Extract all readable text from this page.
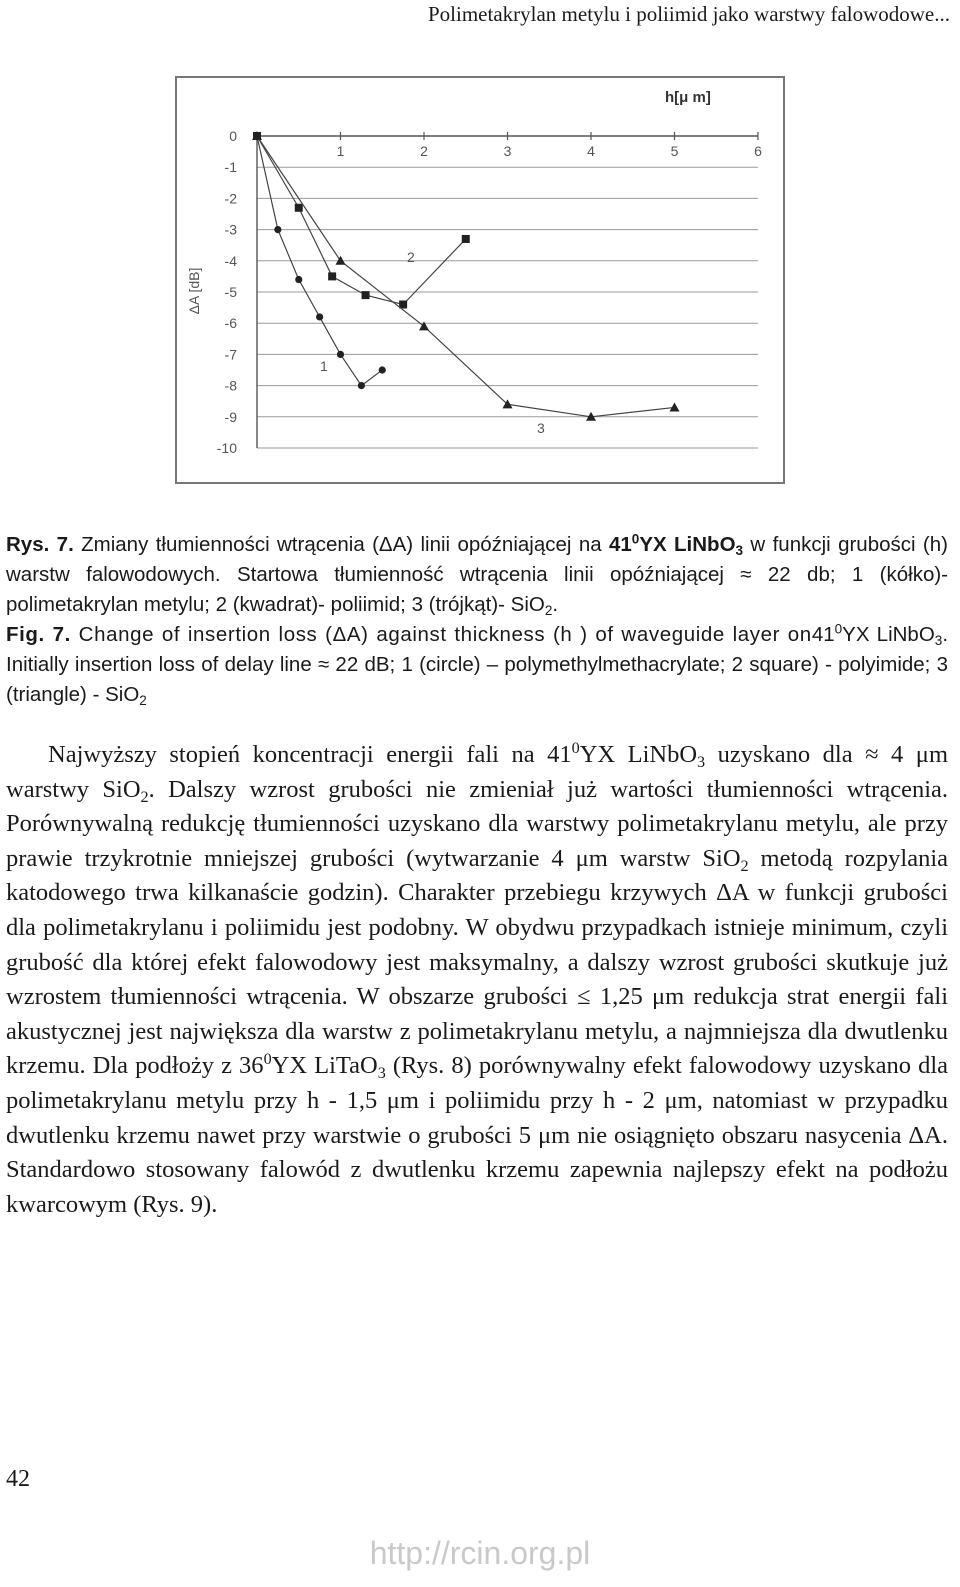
Polimetakrylan metylu i poliimid jako warstwy falowodowe...
h[μ m]
ΔA [dB]
0
-1
-2
-3
-4
-5
-6
-7
-8
-9
-10
1	2	3	4	5	6
2
1
3
Rys. 7. Zmiany tłumienności wtrącenia (ΔA) linii opóźniającej na $41^0YX$ LiNbO$_3$ w funkcji grubości (h) warstw falowodowych. Startowa tłumienność wtrącenia linii opóźniającej ≈ 22 db; 1 (kółko)- polimetakrylan metylu; 2 (kwadrat)- poliimid; 3 (trójkąt)- SiO$_2$.
Fig. 7. Change of insertion loss (ΔA) against thickness (h ) of waveguide layer $on41^0YX$ LiNbO$_3$. Initially insertion loss of delay line ≈ 22 dB; 1 (circle) – polymethylmethacrylate; 2 square) - polyimide; 3 (triangle) - SiO$_2$

Najwyższy stopień koncentracji energii fali na $41^0YX$ LiNbO$_3$ uzyskano dla ≈ 4 μm warstwy SiO$_2$. Dalszy wzrost grubości nie zmieniał już wartości tłumienności wtrącenia. Porównywalną redukcję tłumienności uzyskano dla warstwy polimetakrylanu metylu, ale przy prawie trzykrotnie mniejszej grubości (wytwarzanie 4 μm warstw SiO$_2$ metodą rozpylania katodowego trwa kilkanaście godzin). Charakter przebiegu krzywych ΔA w funkcji grubości dla polimetakrylanu i poliimidu jest podobny. W obydwu przypadkach istnieje minimum, czyli grubość dla której efekt falowodowy jest maksymalny, a dalszy wzrost grubości skutkuje już wzrostem tłumienności wtrącenia. W obszarze grubości ≤ 1,25 μm redukcja strat energii fali akustycznej jest największa dla warstw z polimetakrylanu metylu, a najmniejsza dla dwutlenku krzemu. Dla podłoży z $36^0YX$ LiTaO$_3$ (Rys. 8) porównywalny efekt falowodowy uzyskano dla polimetakrylanu metylu przy h - 1,5 μm i poliimidu przy h - 2 μm, natomiast w przypadku dwutlenku krzemu nawet przy warstwie o grubości 5 μm nie osiągnięto obszaru nasycenia ΔA. Standardowo stosowany falowód z dwutlenku krzemu zapewnia najlepszy efekt na podłożu kwarcowym (Rys. 9).

42
http://rcin.org.pl
